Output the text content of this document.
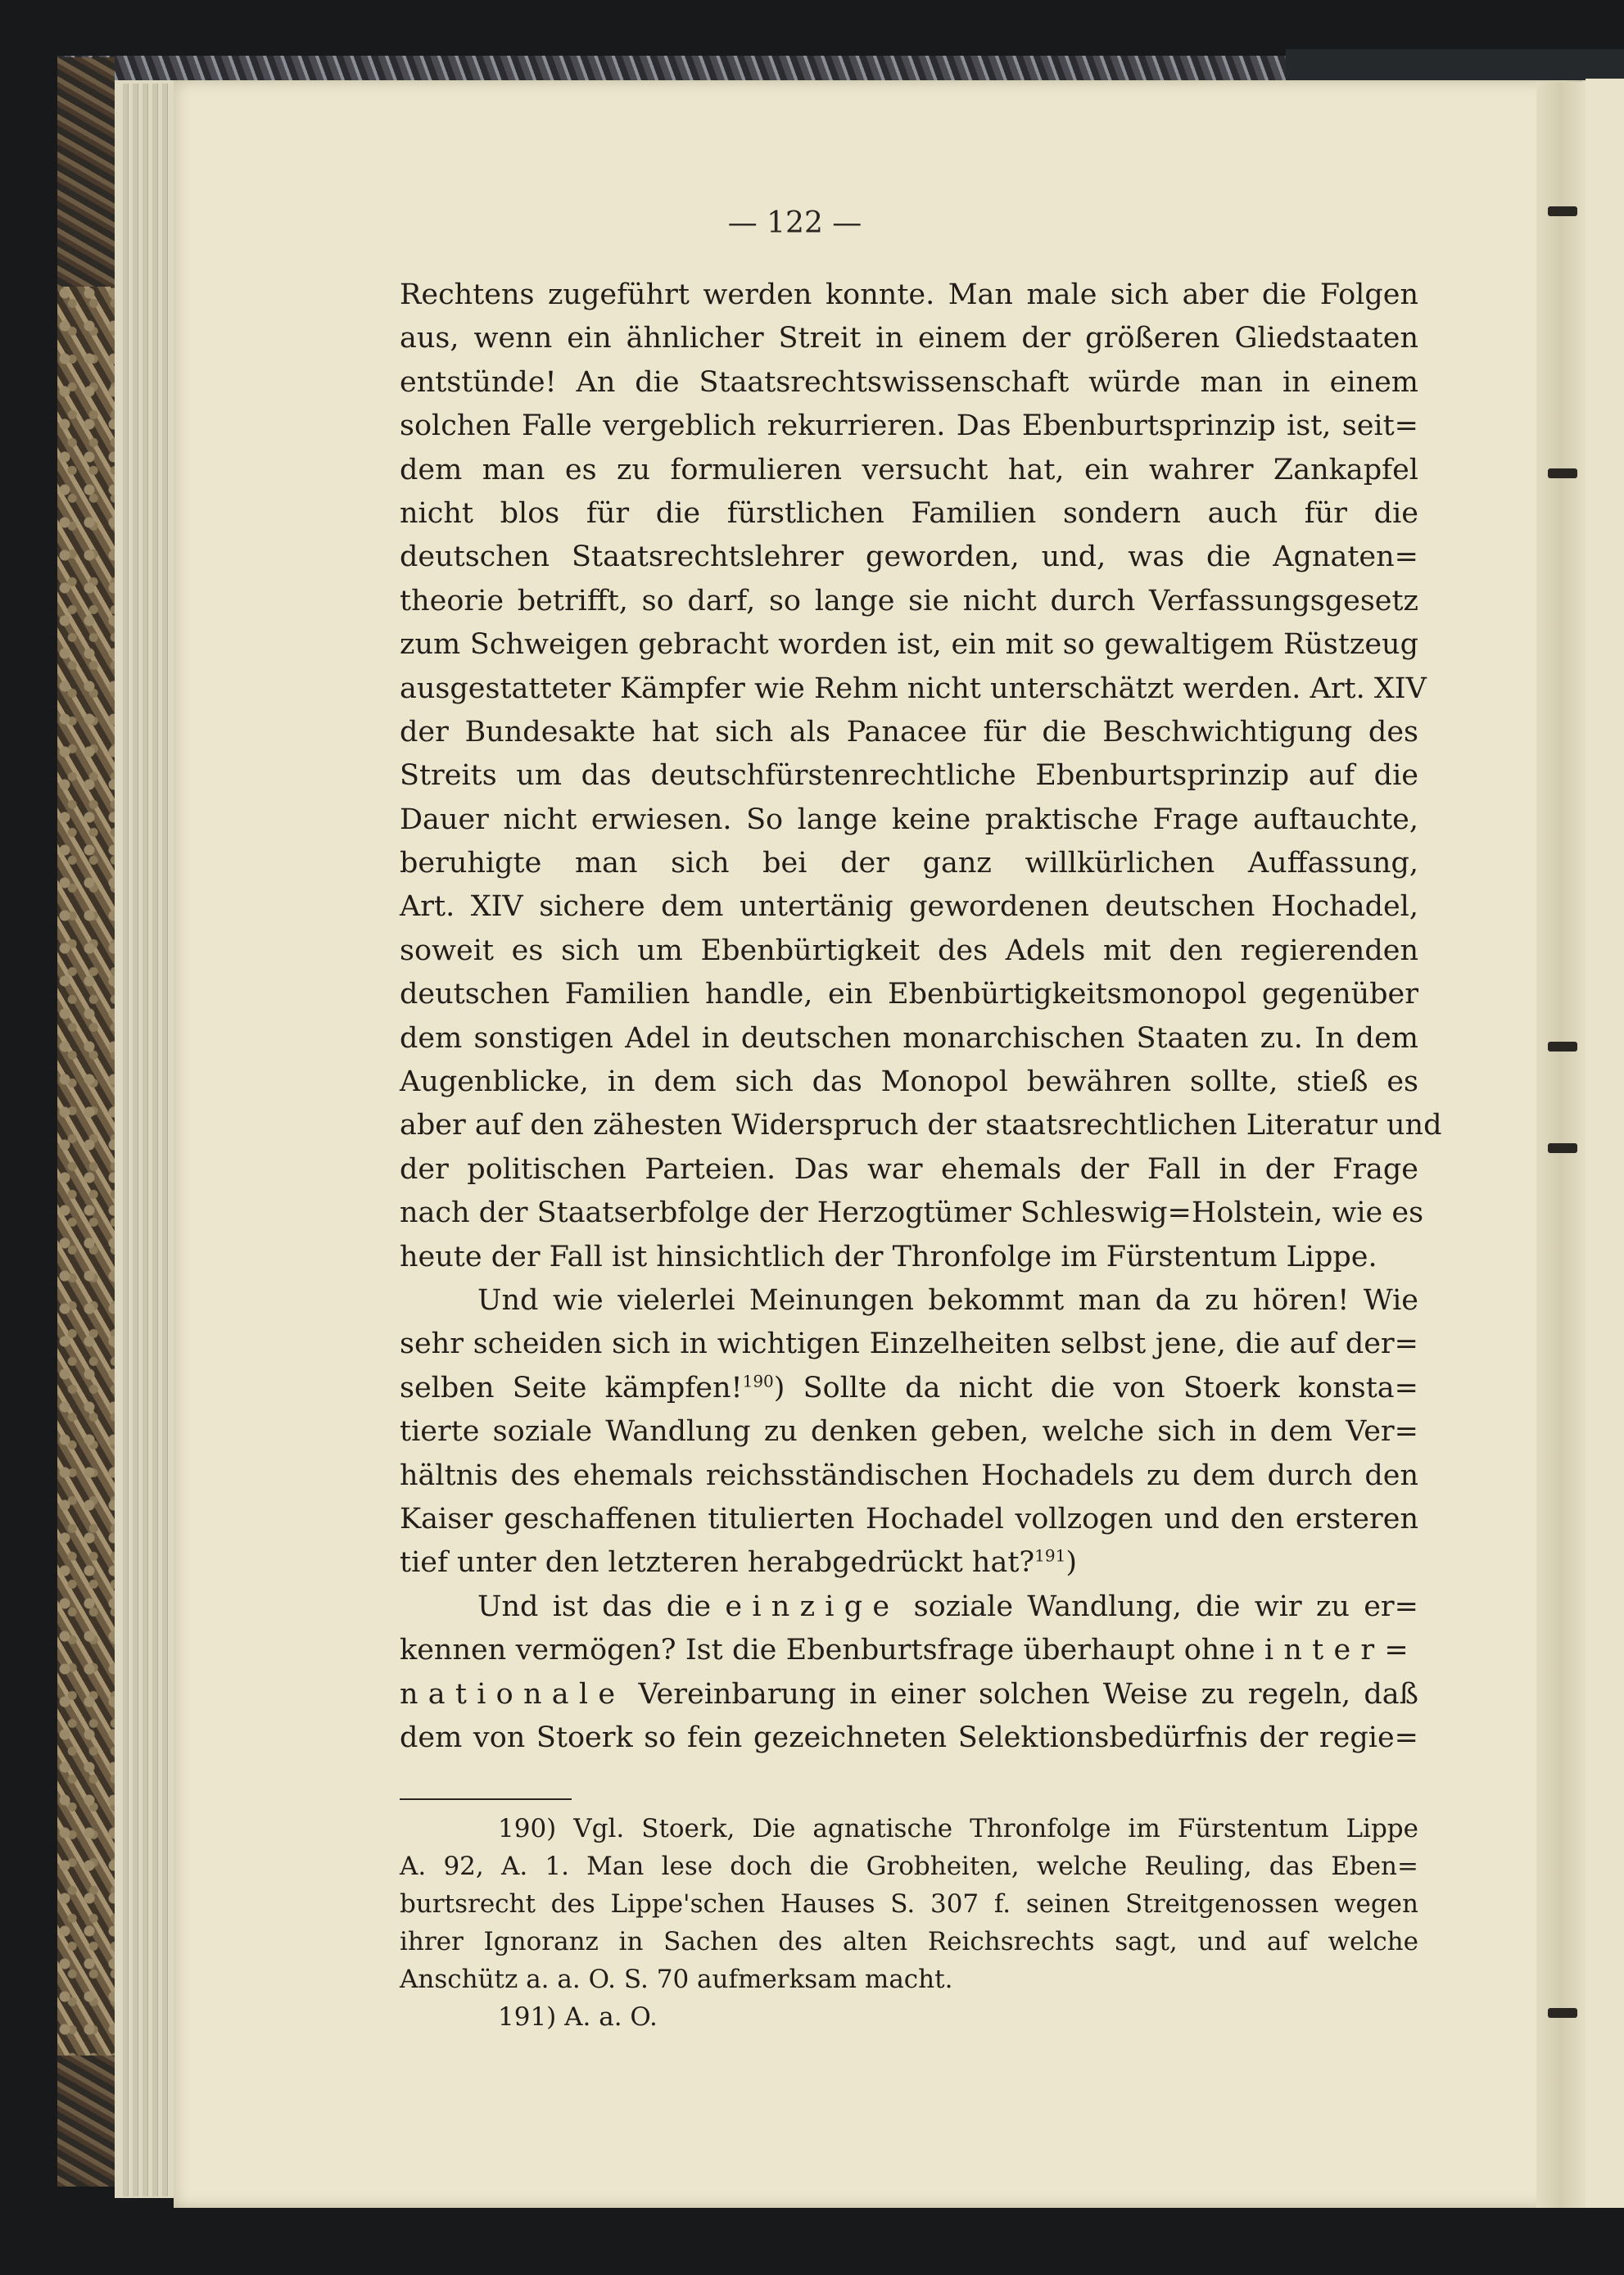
— 122 —
Rechtens zugeführt werden konnte. Man male sich aber die Folgen
aus, wenn ein ähnlicher Streit in einem der größeren Gliedstaaten
entstünde! An die Staatsrechtswissenschaft würde man in einem
solchen Falle vergeblich rekurrieren. Das Ebenburtsprinzip ist, seit=
dem man es zu formulieren versucht hat, ein wahrer Zankapfel
nicht blos für die fürstlichen Familien sondern auch für die
deutschen Staatsrechtslehrer geworden, und, was die Agnaten=
theorie betrifft, so darf, so lange sie nicht durch Verfassungsgesetz
zum Schweigen gebracht worden ist, ein mit so gewaltigem Rüstzeug
ausgestatteter Kämpfer wie Rehm nicht unterschätzt werden. Art. XIV
der Bundesakte hat sich als Panacee für die Beschwichtigung des
Streits um das deutschfürstenrechtliche Ebenburtsprinzip auf die
Dauer nicht erwiesen. So lange keine praktische Frage auftauchte,
beruhigte man sich bei der ganz willkürlichen Auffassung,
Art. XIV sichere dem untertänig gewordenen deutschen Hochadel,
soweit es sich um Ebenbürtigkeit des Adels mit den regierenden
deutschen Familien handle, ein Ebenbürtigkeitsmonopol gegenüber
dem sonstigen Adel in deutschen monarchischen Staaten zu. In dem
Augenblicke, in dem sich das Monopol bewähren sollte, stieß es
aber auf den zähesten Widerspruch der staatsrechtlichen Literatur und
der politischen Parteien. Das war ehemals der Fall in der Frage
nach der Staatserbfolge der Herzogtümer Schleswig=Holstein, wie es
heute der Fall ist hinsichtlich der Thronfolge im Fürstentum Lippe.
Und wie vielerlei Meinungen bekommt man da zu hören! Wie
sehr scheiden sich in wichtigen Einzelheiten selbst jene, die auf der=
selben Seite kämpfen!$^{190}$) Sollte da nicht die von Stoerk konsta=
tierte soziale Wandlung zu denken geben, welche sich in dem Ver=
hältnis des ehemals reichsständischen Hochadels zu dem durch den
Kaiser geschaffenen titulierten Hochadel vollzogen und den ersteren
tief unter den letzteren herabgedrückt hat?$^{191}$)
Und ist das die einzige soziale Wandlung, die wir zu er=
kennen vermögen? Ist die Ebenburtsfrage überhaupt ohne inter=
nationale Vereinbarung in einer solchen Weise zu regeln, daß
dem von Stoerk so fein gezeichneten Selektionsbedürfnis der regie=
190) Vgl. Stoerk, Die agnatische Thronfolge im Fürstentum Lippe
A. 92, A. 1. Man lese doch die Grobheiten, welche Reuling, das Eben=
burtsrecht des Lippe'schen Hauses S. 307 f. seinen Streitgenossen wegen
ihrer Ignoranz in Sachen des alten Reichsrechts sagt, und auf welche
Anschütz a. a. O. S. 70 aufmerksam macht.
191) A. a. O.
